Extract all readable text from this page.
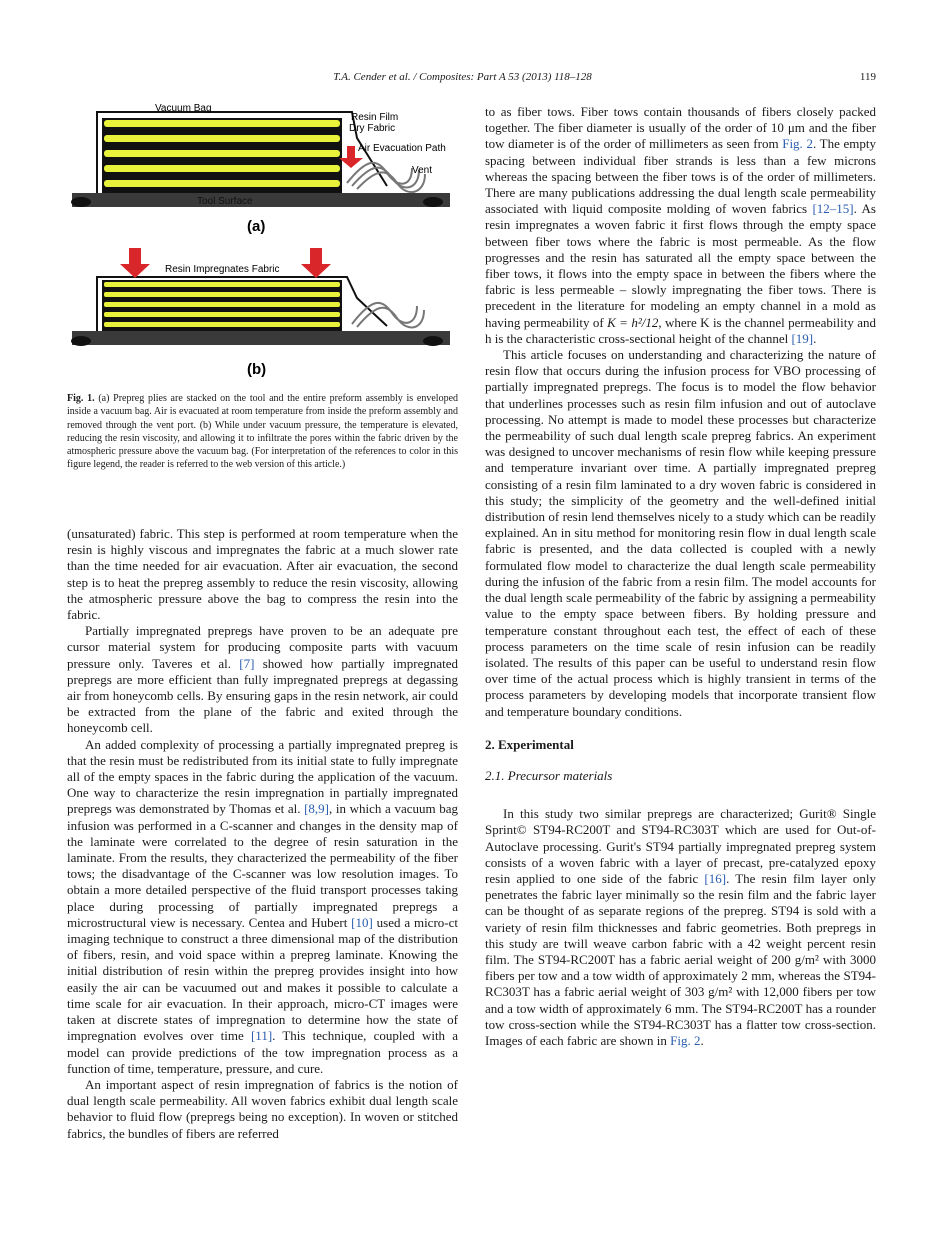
T.A. Cender et al. / Composites: Part A 53 (2013) 118–128	119
Vacuum Bag
Resin Film
Dry Fabric
Air Evacuation Path
Vent
Tool Surface
(a)
Resin Impregnates Fabric
(b)
Fig. 1. (a) Prepreg plies are stacked on the tool and the entire preform assembly is enveloped inside a vacuum bag. Air is evacuated at room temperature from inside the preform assembly and removed through the vent port. (b) While under vacuum pressure, the temperature is elevated, reducing the resin viscosity, and allowing it to infiltrate the pores within the fabric driven by the atmospheric pressure above the vacuum bag. (For interpretation of the references to color in this figure legend, the reader is referred to the web version of this article.)

(unsaturated) fabric. This step is performed at room temperature when the resin is highly viscous and impregnates the fabric at a much slower rate than the time needed for air evacuation. After air evacuation, the second step is to heat the prepreg assembly to reduce the resin viscosity, allowing the atmospheric pressure above the bag to compress the resin into the fabric.

Partially impregnated prepregs have proven to be an adequate pre cursor material system for producing composite parts with vacuum pressure only. Taveres et al. [7] showed how partially impregnated prepregs are more efficient than fully impregnated prepregs at degassing air from honeycomb cells. By ensuring gaps in the resin network, air could be extracted from the plane of the fabric and exited through the honeycomb cell.

An added complexity of processing a partially impregnated prepreg is that the resin must be redistributed from its initial state to fully impregnate all of the empty spaces in the fabric during the application of the vacuum. One way to characterize the resin impregnation in partially impregnated prepregs was demonstrated by Thomas et al. [8,9], in which a vacuum bag infusion was performed in a C-scanner and changes in the density map of the laminate were correlated to the degree of resin saturation in the laminate. From the results, they characterized the permeability of the fiber tows; the disadvantage of the C-scanner was low resolution images. To obtain a more detailed perspective of the fluid transport processes taking place during processing of partially impregnated prepregs a microstructural view is necessary. Centea and Hubert [10] used a micro-ct imaging technique to construct a three dimensional map of the distribution of fibers, resin, and void space within a prepreg laminate. Knowing the initial distribution of resin within the prepreg provides insight into how easily the air can be vacuumed out and makes it possible to calculate a time scale for air evacuation. In their approach, micro-CT images were taken at discrete states of impregnation to determine how the state of impregnation evolves over time [11]. This technique, coupled with a model can provide predictions of the tow impregnation process as a function of time, temperature, pressure, and cure.

An important aspect of resin impregnation of fabrics is the notion of dual length scale permeability. All woven fabrics exhibit dual length scale behavior to fluid flow (prepregs being no exception). In woven or stitched fabrics, the bundles of fibers are referred

to as fiber tows. Fiber tows contain thousands of fibers closely packed together. The fiber diameter is usually of the order of 10 μm and the fiber tow diameter is of the order of millimeters as seen from Fig. 2. The empty spacing between individual fiber strands is less than a few microns whereas the spacing between the fiber tows is of the order of millimeters. There are many publications addressing the dual length scale permeability associated with liquid composite molding of woven fabrics [12–15]. As resin impregnates a woven fabric it first flows through the empty space between fiber tows where the fabric is most permeable. As the flow progresses and the resin has saturated all the empty space between the fiber tows, it flows into the empty space in between the fibers where the fabric is less permeable – slowly impregnating the fiber tows. There is precedent in the literature for modeling an empty channel in a mold as having permeability of K = h²/12, where K is the channel permeability and h is the characteristic cross-sectional height of the channel [19].

This article focuses on understanding and characterizing the nature of resin flow that occurs during the infusion process for VBO processing of partially impregnated prepregs. The focus is to model the flow behavior that underlines processes such as resin film infusion and out of autoclave processing. No attempt is made to model these processes but characterize the permeability of such dual length scale prepreg fabrics. An experiment was designed to uncover mechanisms of resin flow while keeping pressure and temperature invariant over time. A partially impregnated prepreg consisting of a resin film laminated to a dry woven fabric is considered in this study; the simplicity of the geometry and the well-defined initial distribution of resin lend themselves nicely to a study which can be readily explained. An in situ method for monitoring resin flow in dual length scale fabric is presented, and the data collected is coupled with a newly formulated flow model to characterize the dual length scale permeability during the infusion of the fabric from a resin film. The model accounts for the dual length scale permeability of the fabric by assigning a permeability value to the empty space between fibers. By holding pressure and temperature constant throughout each test, the effect of each of these process parameters on the time scale of resin infusion can be readily isolated. The results of this paper can be useful to understand resin flow over time of the actual process which is highly transient in terms of the process parameters by developing models that incorporate transient flow and temperature boundary conditions.

2. Experimental
2.1. Precursor materials

In this study two similar prepregs are characterized; Gurit® Single Sprint© ST94-RC200T and ST94-RC303T which are used for Out-of-Autoclave processing. Gurit's ST94 partially impregnated prepreg system consists of a woven fabric with a layer of precast, pre-catalyzed epoxy resin applied to one side of the fabric [16]. The resin film layer only penetrates the fabric layer minimally so the resin film and the fabric layer can be thought of as separate regions of the prepreg. ST94 is sold with a variety of resin film thicknesses and fabric geometries. Both prepregs in this study are twill weave carbon fabric with a 42 weight percent resin film. The ST94-RC200T has a fabric aerial weight of 200 g/m² with 3000 fibers per tow and a tow width of approximately 2 mm, whereas the ST94-RC303T has a fabric aerial weight of 303 g/m² with 12,000 fibers per tow and a tow width of approximately 6 mm. The ST94-RC200T has a rounder tow cross-section while the ST94-RC303T has a flatter tow cross-section. Images of each fabric are shown in Fig. 2.
